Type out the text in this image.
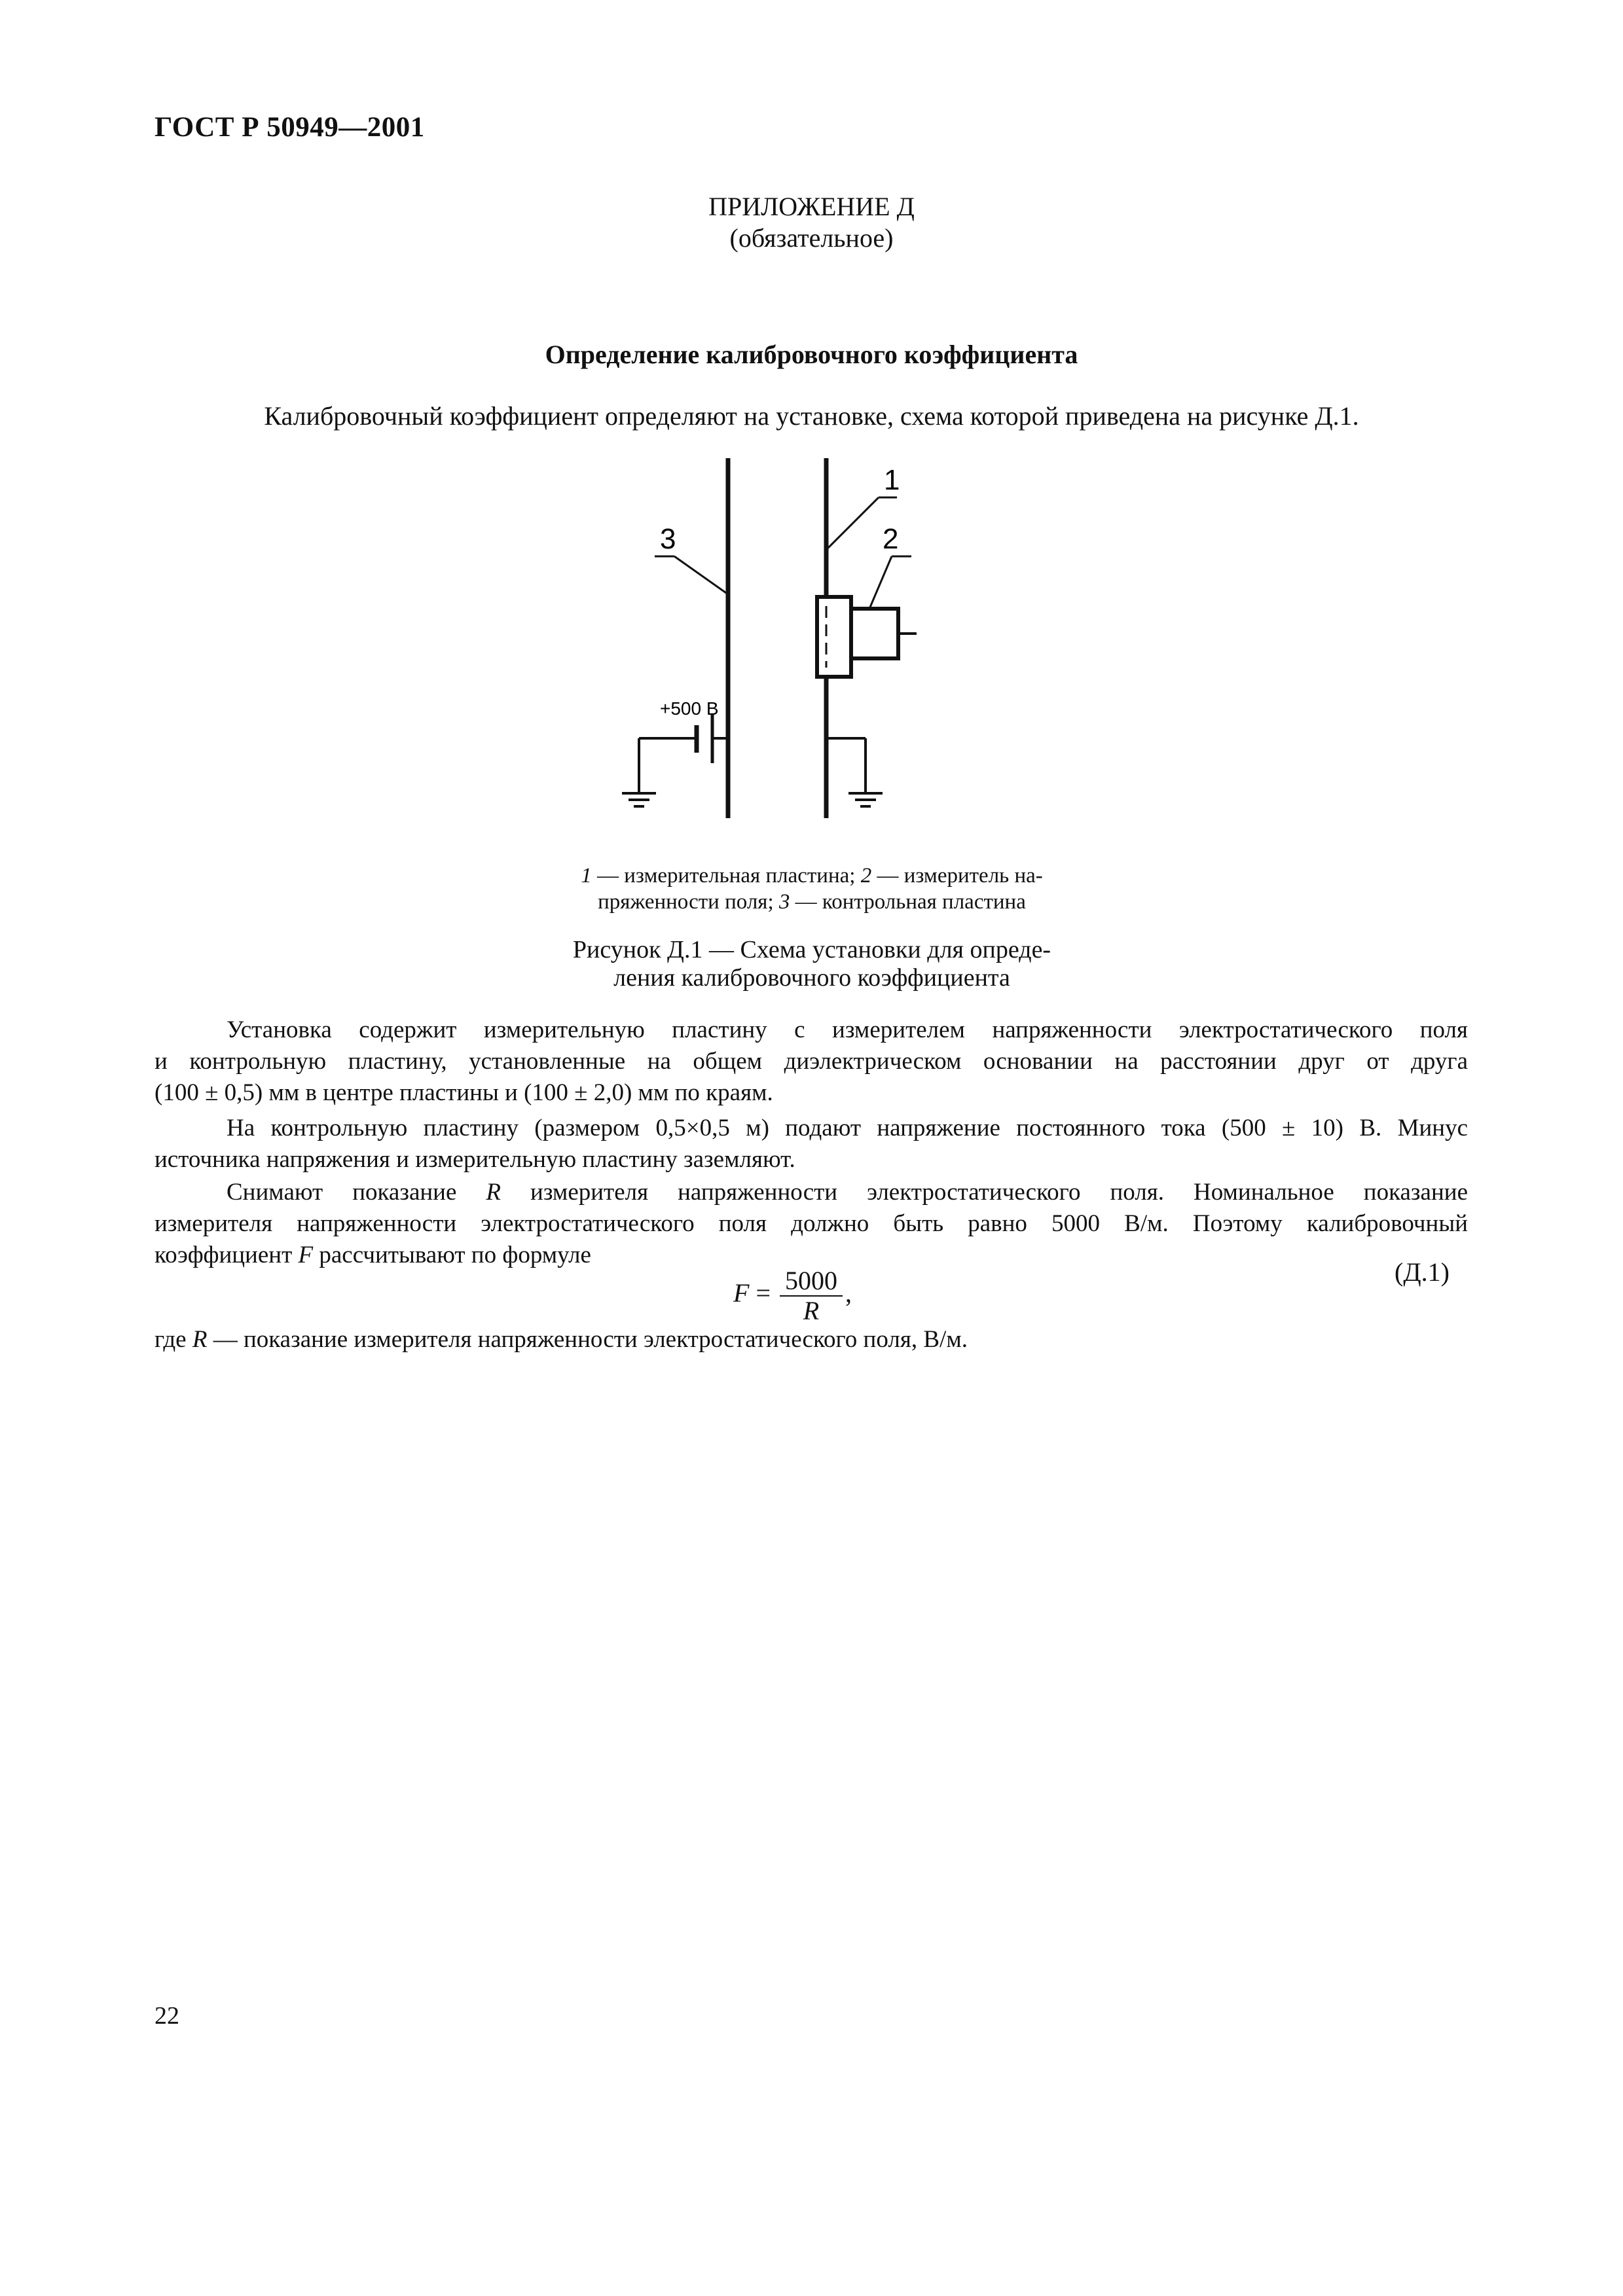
ГОСТ Р 50949—2001
ПРИЛОЖЕНИЕ Д
(обязательное)
Определение калибровочного коэффициента
Калибровочный коэффициент определяют на установке, схема которой приведена на рисунке Д.1.
1
2
3
+500 В
1 — измерительная пластина; 2 — измеритель на-
пряженности поля; 3 — контрольная пластина
Рисунок Д.1 — Схема установки для опреде-
ления калибровочного коэффициента

Установка содержит измерительную пластину с измерителем напряженности электростатического поля
и контрольную пластину, установленные на общем диэлектрическом основании на расстоянии друг от друга
(100 ± 0,5) мм в центре пластины и (100 ± 2,0) мм по краям.

На контрольную пластину (размером 0,5×0,5 м) подают напряжение постоянного тока (500 ± 10) В. Минус
источника напряжения и измерительную пластину заземляют.

Снимают показание R измерителя напряженности электростатического поля. Номинальное показание
измерителя напряженности электростатического поля должно быть равно 5000 В/м. Поэтому калибровочный
коэффициент F рассчитывают по формуле

$F = \frac{5000}{R}$ ,
(Д.1)
где R — показание измерителя напряженности электростатического поля, В/м.
22
